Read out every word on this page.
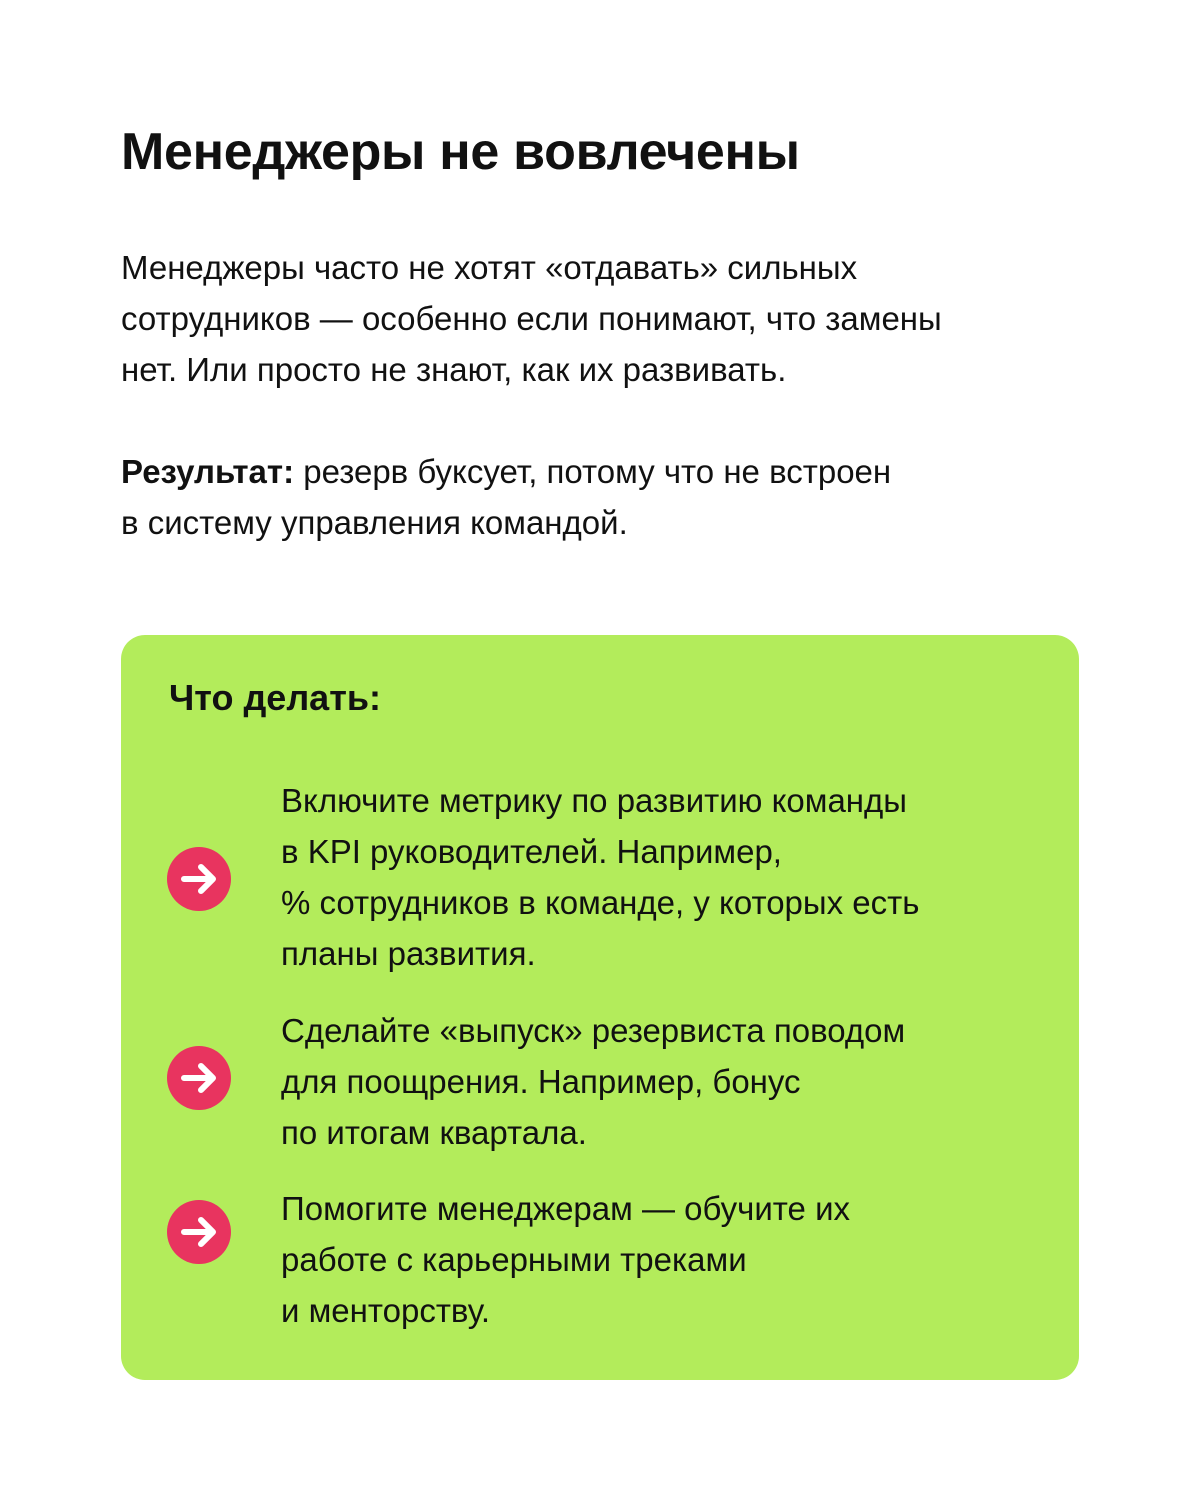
Менеджеры не вовлечены

Менеджеры часто не хотят «отдавать» сильных
сотрудников — особенно если понимают, что замены
нет. Или просто не знают, как их развивать.

Результат: резерв буксует, потому что не встроен
в систему управления командой.

Что делать:

Включите метрику по развитию команды
в KPI руководителей. Например,
% сотрудников в команде, у которых есть
планы развития.

Сделайте «выпуск» резервиста поводом
для поощрения. Например, бонус
по итогам квартала.

Помогите менеджерам — обучите их
работе с карьерными треками
и менторству.
